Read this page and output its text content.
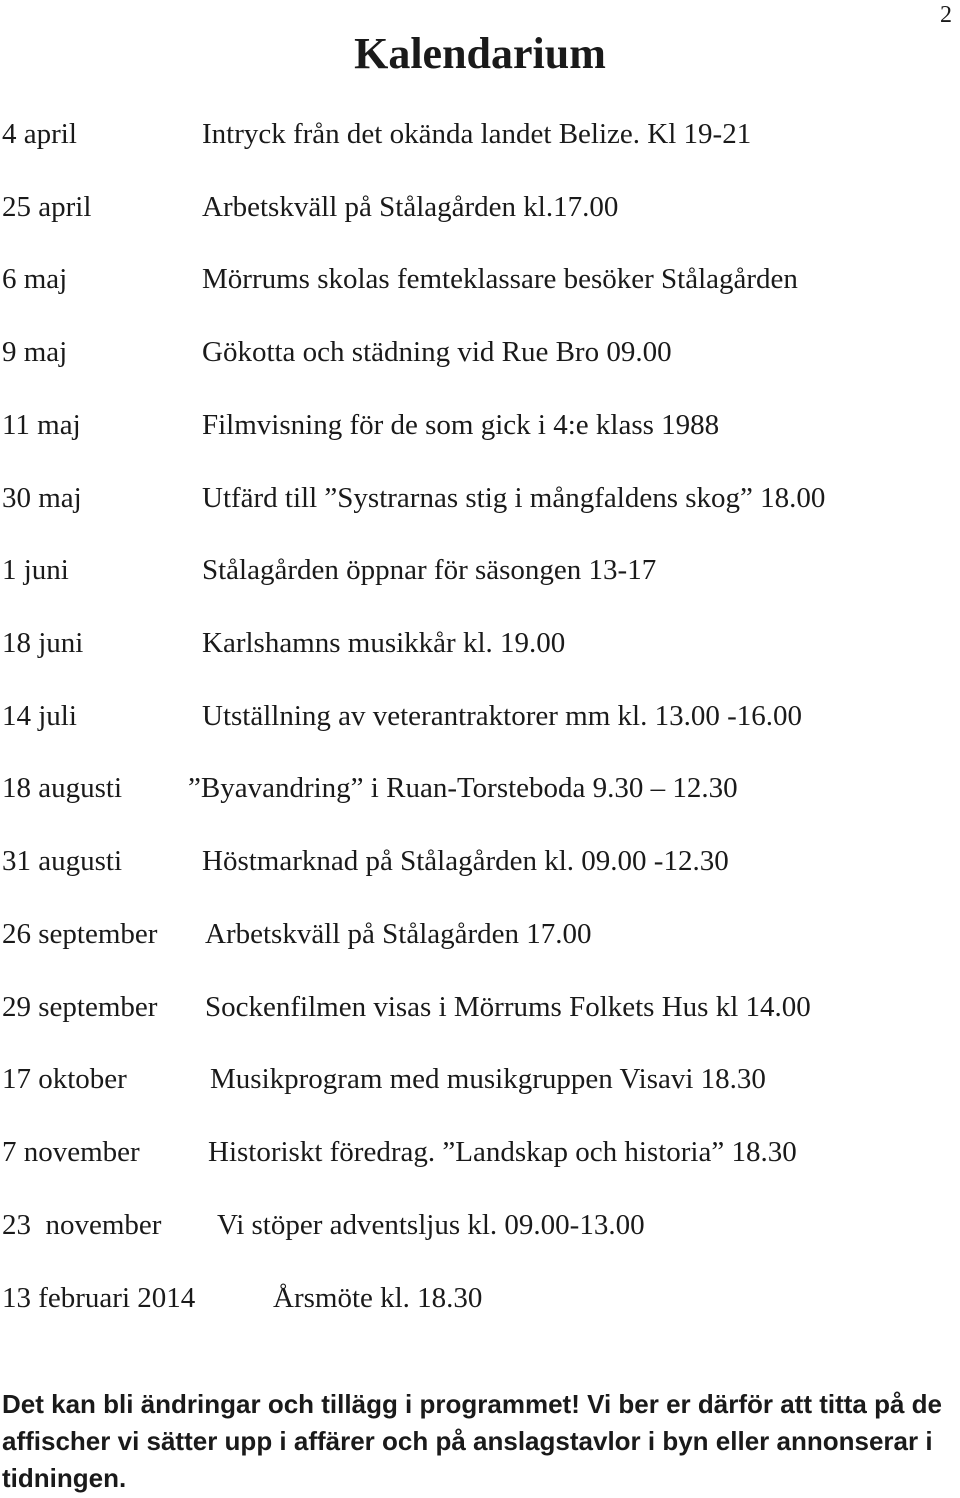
2
Kalendarium
4 april	Intryck från det okända landet Belize. Kl 19-21
25 april	Arbetskväll på Stålagården kl.17.00
6 maj	Mörrums skolas femteklassare besöker Stålagården
9 maj	Gökotta och städning vid Rue Bro 09.00
11 maj	Filmvisning för de som gick i 4:e klass 1988
30 maj	Utfärd till ”Systrarnas stig i mångfaldens skog” 18.00
1 juni	Stålagården öppnar för säsongen 13-17
18 juni	Karlshamns musikkår kl. 19.00
14 juli	Utställning av veterantraktorer mm kl. 13.00 -16.00
18 augusti ”Byavandring” i Ruan-Torsteboda 9.30 – 12.30
31 augusti	Höstmarknad på Stålagården kl. 09.00 -12.30
26 september Arbetskväll på Stålagården 17.00
29 september Sockenfilmen visas i Mörrums Folkets Hus kl 14.00
17 oktober	Musikprogram med musikgruppen Visavi 18.30
7 november Historiskt föredrag. ”Landskap och historia” 18.30
23  november Vi stöper adventsljus kl. 09.00-13.00
13 februari 2014	Årsmöte kl. 18.30

Det kan bli ändringar och tillägg i programmet! Vi ber er därför att titta på de affischer vi sätter upp i affärer och på anslagstavlor i byn eller annonserar i tidningen.
